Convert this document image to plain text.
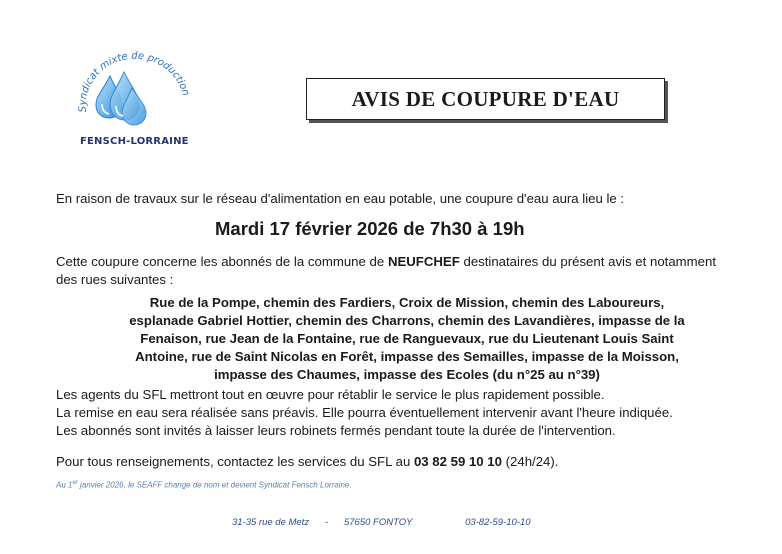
Syndicat mixte de production
FENSCH-LORRAINE
AVIS DE COUPURE D'EAU
En raison de travaux sur le réseau d'alimentation en eau potable, une coupure d'eau aura lieu le :
Mardi 17 février 2026 de 7h30 à 19h
Cette coupure concerne les abonnés de la commune de NEUFCHEF destinataires du présent avis et notamment des rues suivantes :
Rue de la Pompe, chemin des Fardiers, Croix de Mission, chemin des Laboureurs,
esplanade Gabriel Hottier, chemin des Charrons, chemin des Lavandières, impasse de la
Fenaison, rue Jean de la Fontaine, rue de Ranguevaux, rue du Lieutenant Louis Saint
Antoine, rue de Saint Nicolas en Forêt, impasse des Semailles, impasse de la Moisson,
impasse des Chaumes, impasse des Ecoles (du n°25 au n°39)
Les agents du SFL mettront tout en œuvre pour rétablir le service le plus rapidement possible.
La remise en eau sera réalisée sans préavis. Elle pourra éventuellement intervenir avant l'heure indiquée.
Les abonnés sont invités à laisser leurs robinets fermés pendant toute la durée de l'intervention.
Pour tous renseignements, contactez les services du SFL au 03 82 59 10 10 (24h/24).
Au 1er janvier 2026, le SEAFF change de nom et devient Syndicat Fensch Lorraine.
31-35 rue de Metz - 57650 FONTOY	03-82-59-10-10
